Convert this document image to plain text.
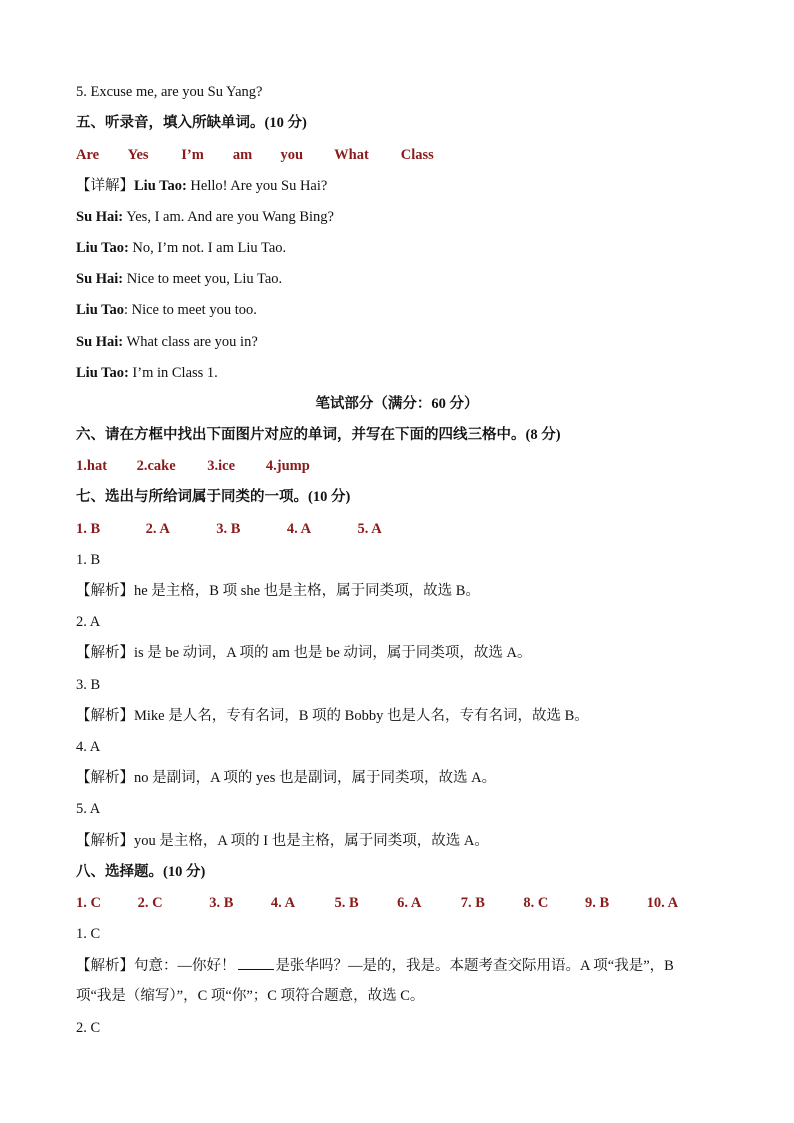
5. Excuse me, are you Su Yang?
五、听录音，填入所缺单词。(10 分)
Are Yes I’m am you What Class
【详解】Liu Tao: Hello! Are you Su Hai?
Su Hai: Yes, I am. And are you Wang Bing?
Liu Tao: No, I’m not. I am Liu Tao.
Su Hai: Nice to meet you, Liu Tao.
Liu Tao: Nice to meet you too.
Su Hai: What class are you in?
Liu Tao: I’m in Class 1.
笔试部分（满分：60 分）
六、请在方框中找出下面图片对应的单词，并写在下面的四线三格中。(8 分)
1.hat 2.cake 3.ice 4.jump
七、选出与所给词属于同类的一项。(10 分)
1. B	2. A	3. B	4. A	5. A
1. B
【解析】he 是主格，B 项 she 也是主格，属于同类项，故选 B。
2. A
【解析】is 是 be 动词，A 项的 am 也是 be 动词，属于同类项，故选 A。
3. B
【解析】Mike 是人名，专有名词，B 项的 Bobby 也是人名，专有名词，故选 B。
4. A
【解析】no 是副词，A 项的 yes 也是副词，属于同类项，故选 A。
5. A
【解析】you 是主格，A 项的 I 也是主格，属于同类项，故选 A。
八、选择题。(10 分)
1. C	2. C	3. B	4. A	5. B	6. A	7. B	8. C	9. B	10. A
1. C
【解析】句意：—你好！	是张华吗？—是的，我是。本题考查交际用语。A 项“我是”，B
项“我是（缩写）”，C 项“你”；C 项符合题意，故选 C。
2. C
